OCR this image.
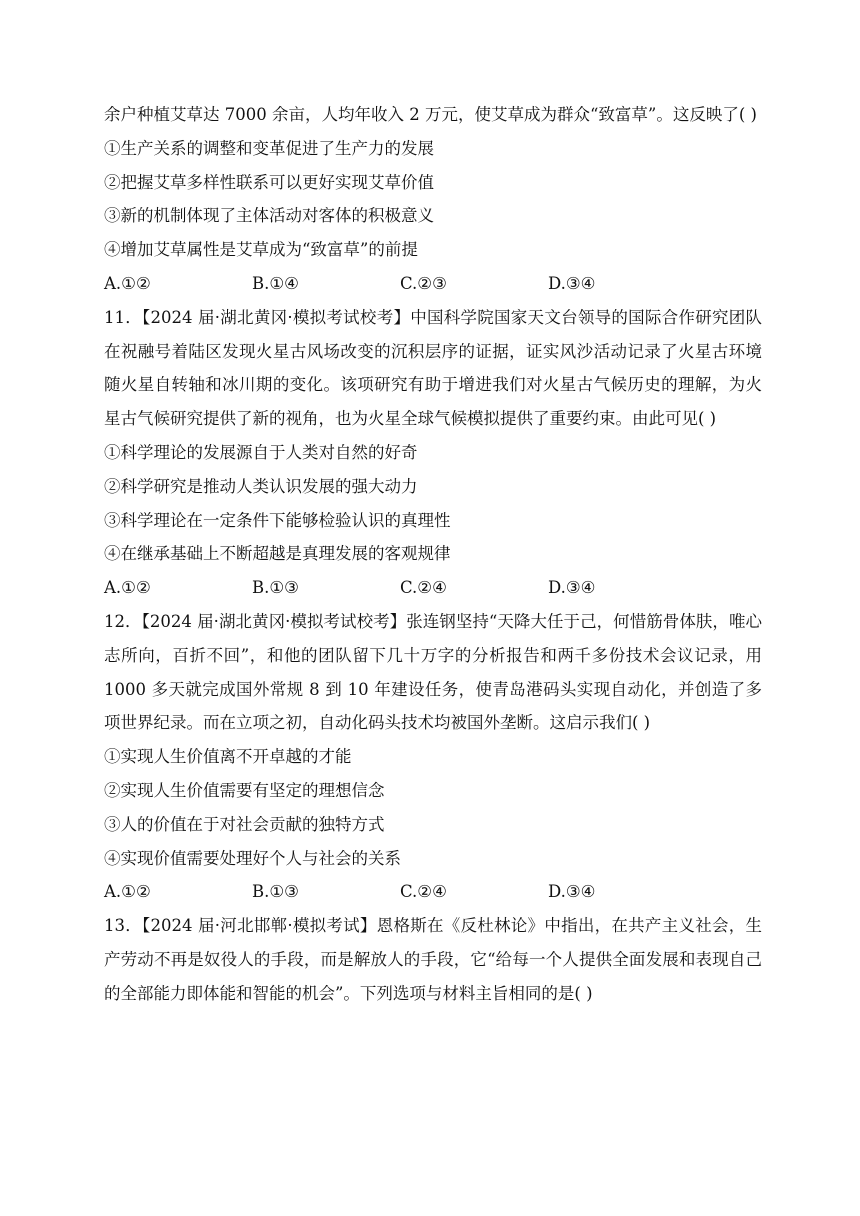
余户种植艾草达 7000 余亩，人均年收入 2 万元，使艾草成为群众“致富草”。这反映了( )
①生产关系的调整和变革促进了生产力的发展
②把握艾草多样性联系可以更好实现艾草价值
③新的机制体现了主体活动对客体的积极意义
④增加艾草属性是艾草成为“致富草”的前提
A.①②	B.①④	C.②③	D.③④
11．【2024 届·湖北黄冈·模拟考试校考】中国科学院国家天文台领导的国际合作研究团队在祝融号着陆区发现火星古风场改变的沉积层序的证据，证实风沙活动记录了火星古环境随火星自转轴和冰川期的变化。该项研究有助于增进我们对火星古气候历史的理解，为火星古气候研究提供了新的视角，也为火星全球气候模拟提供了重要约束。由此可见( )
①科学理论的发展源自于人类对自然的好奇
②科学研究是推动人类认识发展的强大动力
③科学理论在一定条件下能够检验认识的真理性
④在继承基础上不断超越是真理发展的客观规律
A.①②	B.①③	C.②④	D.③④
12．【2024 届·湖北黄冈·模拟考试校考】张连钢坚持“天降大任于己，何惜筋骨体肤，唯心志所向，百折不回”，和他的团队留下几十万字的分析报告和两千多份技术会议记录，用 1000 多天就完成国外常规 8 到 10 年建设任务，使青岛港码头实现自动化，并创造了多项世界纪录。而在立项之初，自动化码头技术均被国外垄断。这启示我们( )
①实现人生价值离不开卓越的才能
②实现人生价值需要有坚定的理想信念
③人的价值在于对社会贡献的独特方式
④实现价值需要处理好个人与社会的关系
A.①②	B.①③	C.②④	D.③④
13．【2024 届·河北邯郸·模拟考试】恩格斯在《反杜林论》中指出，在共产主义社会，生产劳动不再是奴役人的手段，而是解放人的手段，它“给每一个人提供全面发展和表现自己的全部能力即体能和智能的机会”。下列选项与材料主旨相同的是( )
